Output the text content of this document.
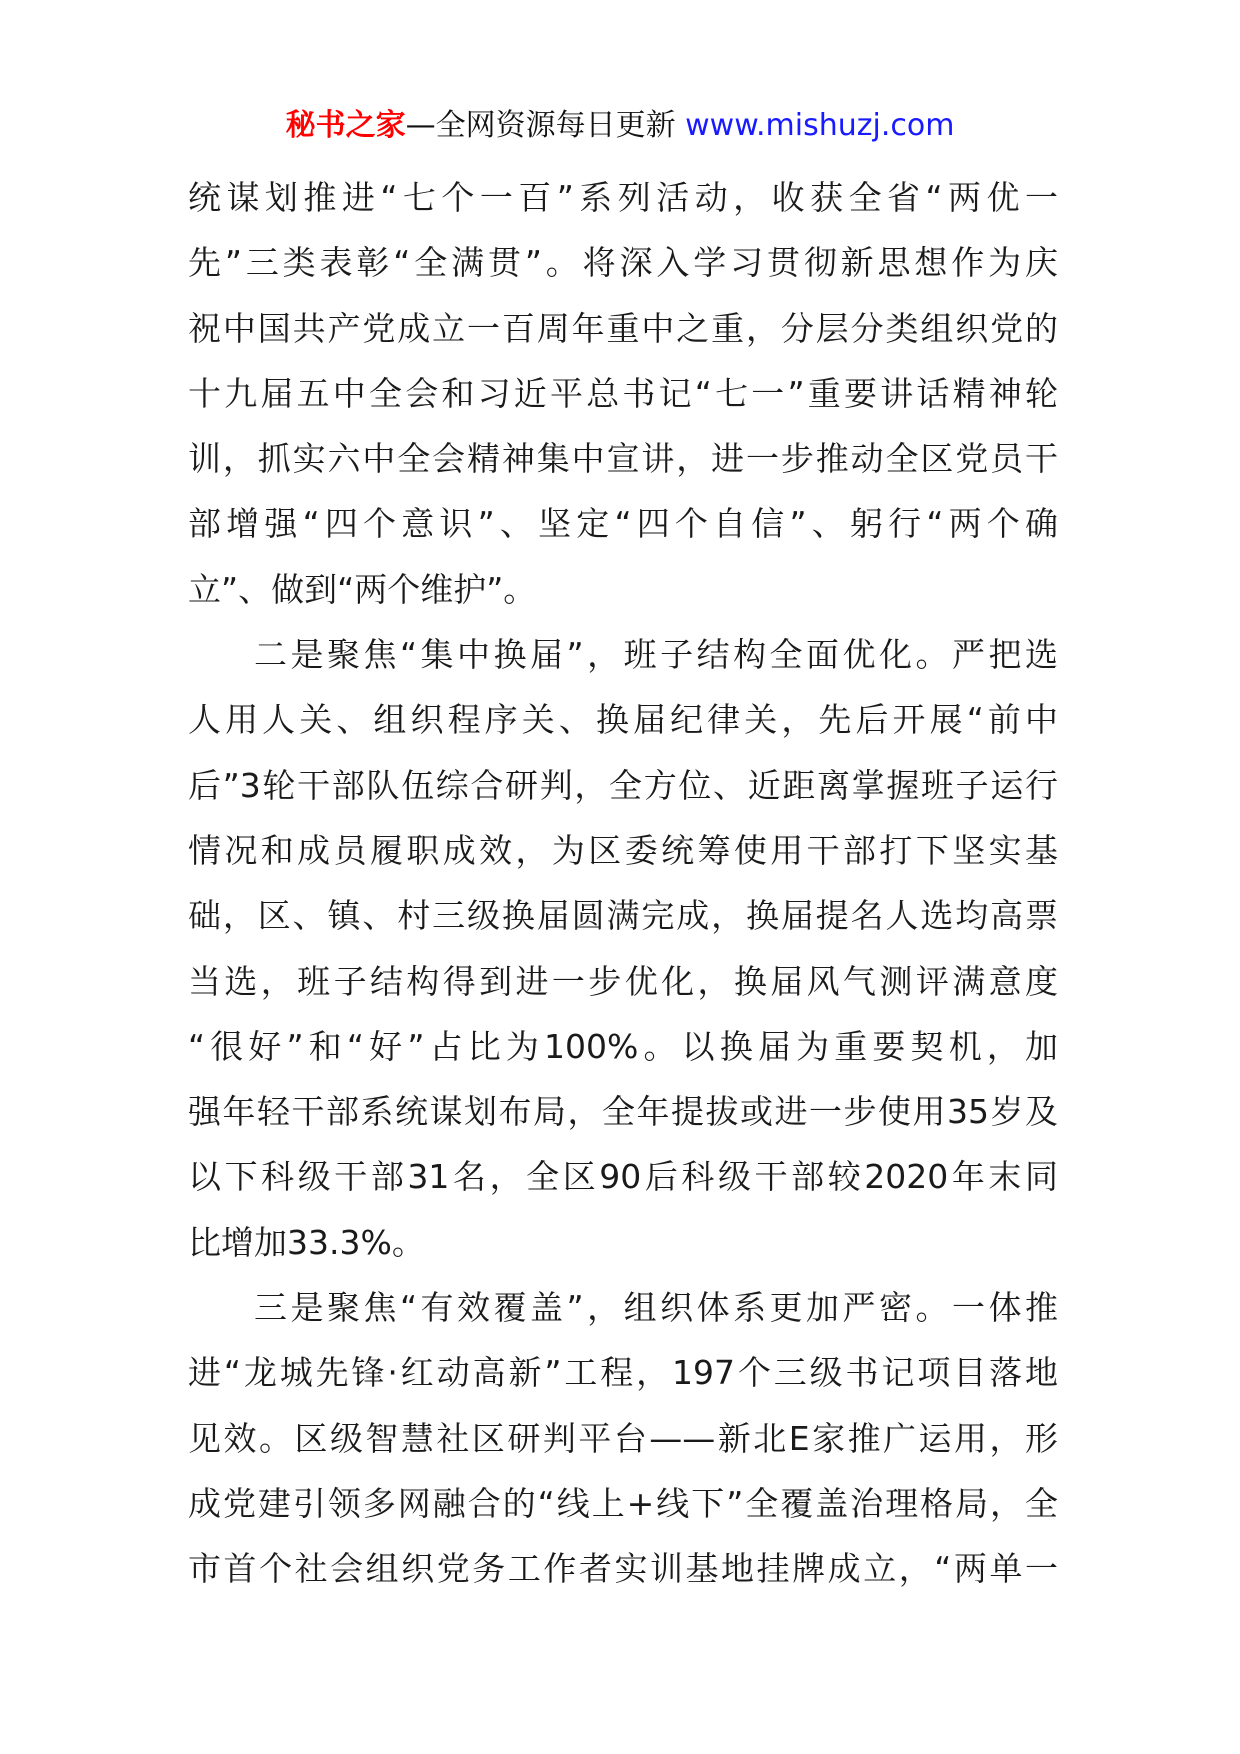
秘书之家—全网资源每日更新 www.mishuzj.com
统谋划推进“七个一百”系列活动，收获全省“两优一
先”三类表彰“全满贯”。将深入学习贯彻新思想作为庆
祝中国共产党成立一百周年重中之重，分层分类组织党的
十九届五中全会和习近平总书记“七一”重要讲话精神轮
训，抓实六中全会精神集中宣讲，进一步推动全区党员干
部增强“四个意识”、坚定“四个自信”、躬行“两个确
立”、做到“两个维护”。
二是聚焦“集中换届”，班子结构全面优化。严把选
人用人关、组织程序关、换届纪律关，先后开展“前中
后”3轮干部队伍综合研判，全方位、近距离掌握班子运行
情况和成员履职成效，为区委统筹使用干部打下坚实基
础，区、镇、村三级换届圆满完成，换届提名人选均高票
当选，班子结构得到进一步优化，换届风气测评满意度
“很好”和“好”占比为100%。以换届为重要契机，加
强年轻干部系统谋划布局，全年提拔或进一步使用35岁及
以下科级干部31名，全区90后科级干部较2020年末同
比增加33.3%。
三是聚焦“有效覆盖”，组织体系更加严密。一体推
进“龙城先锋·红动高新”工程，197个三级书记项目落地
见效。区级智慧社区研判平台——新北E家推广运用，形
成党建引领多网融合的“线上+线下”全覆盖治理格局，全
市首个社会组织党务工作者实训基地挂牌成立，“两单一
